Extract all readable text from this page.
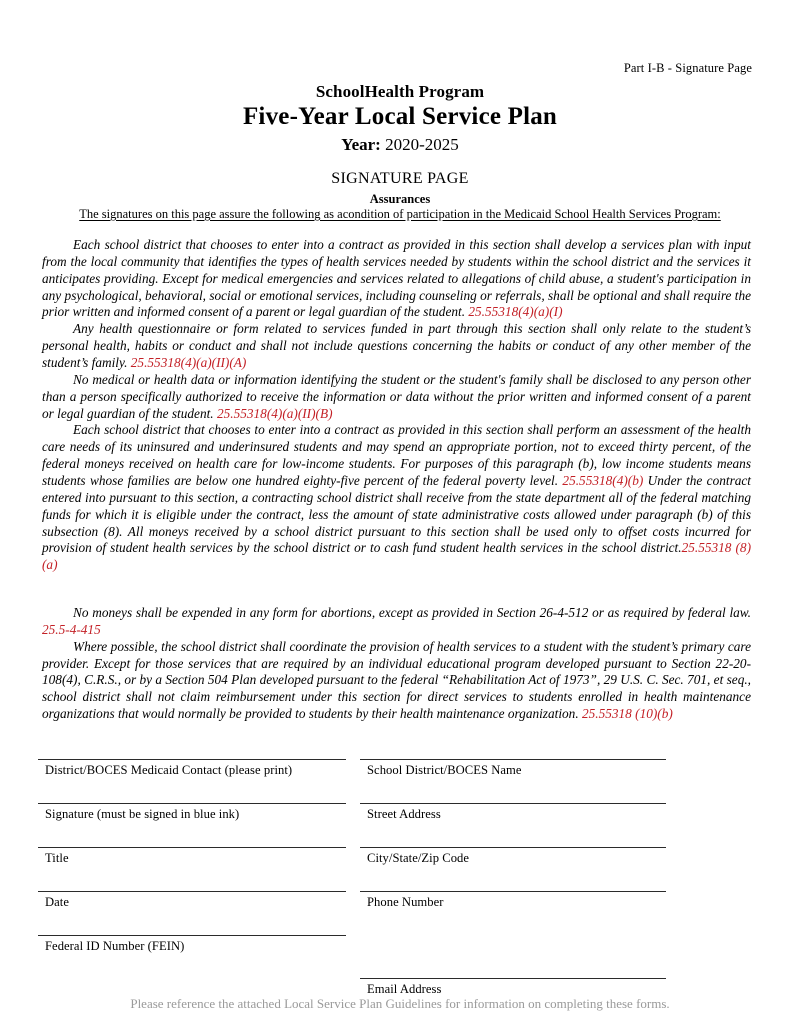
Part I-B - Signature Page
SchoolHealth Program
Five-Year Local Service Plan
Year: 2020-2025
SIGNATURE PAGE
Assurances
The signatures on this page assure the following as acondition of participation in the Medicaid School Health Services Program:

Each school district that chooses to enter into a contract as provided in this section shall develop a services plan with input from the local community that identifies the types of health services needed by students within the school district and the services it anticipates providing. Except for medical emergencies and services related to allegations of child abuse, a student's participation in any psychological, behavioral, social or emotional services, including counseling or referrals, shall be optional and shall require the prior written and informed consent of a parent or legal guardian of the student. 25.55318(4)(a)(I)

Any health questionnaire or form related to services funded in part through this section shall only relate to the student’s personal health, habits or conduct and shall not include questions concerning the habits or conduct of any other member of the student’s family. 25.55318(4)(a)(II)(A)

No medical or health data or information identifying the student or the student's family shall be disclosed to any person other than a person specifically authorized to receive the information or data without the prior written and informed consent of a parent or legal guardian of the student. 25.55318(4)(a)(II)(B)

Each school district that chooses to enter into a contract as provided in this section shall perform an assessment of the health care needs of its uninsured and underinsured students and may spend an appropriate portion, not to exceed thirty percent, of the federal moneys received on health care for low-income students. For purposes of this paragraph (b), low income students means students whose families are below one hundred eighty-five percent of the federal poverty level. 25.55318(4)(b) Under the contract entered into pursuant to this section, a contracting school district shall receive from the state department all of the federal matching funds for which it is eligible under the contract, less the amount of state administrative costs allowed under paragraph (b) of this subsection (8). All moneys received by a school district pursuant to this section shall be used only to offset costs incurred for provision of student health services by the school district or to cash fund student health services in the school district.25.55318 (8) (a)

No moneys shall be expended in any form for abortions, except as provided in Section 26-4-512 or as required by federal law. 25.5-4-415

Where possible, the school district shall coordinate the provision of health services to a student with the student’s primary care provider. Except for those services that are required by an individual educational program developed pursuant to Section 22-20-108(4), C.R.S., or by a Section 504 Plan developed pursuant to the federal “Rehabilitation Act of 1973”, 29 U.S. C. Sec. 701, et seq., school district shall not claim reimbursement under this section for direct services to students enrolled in health maintenance organizations that would normally be provided to students by their health maintenance organization. 25.55318 (10)(b)

District/BOCES Medicaid Contact (please print)
Signature (must be signed in blue ink)
Title
Date
Federal ID Number (FEIN)
School District/BOCES Name
Street Address
City/State/Zip Code
Phone Number
Email Address
Please reference the attached Local Service Plan Guidelines for information on completing these forms.
